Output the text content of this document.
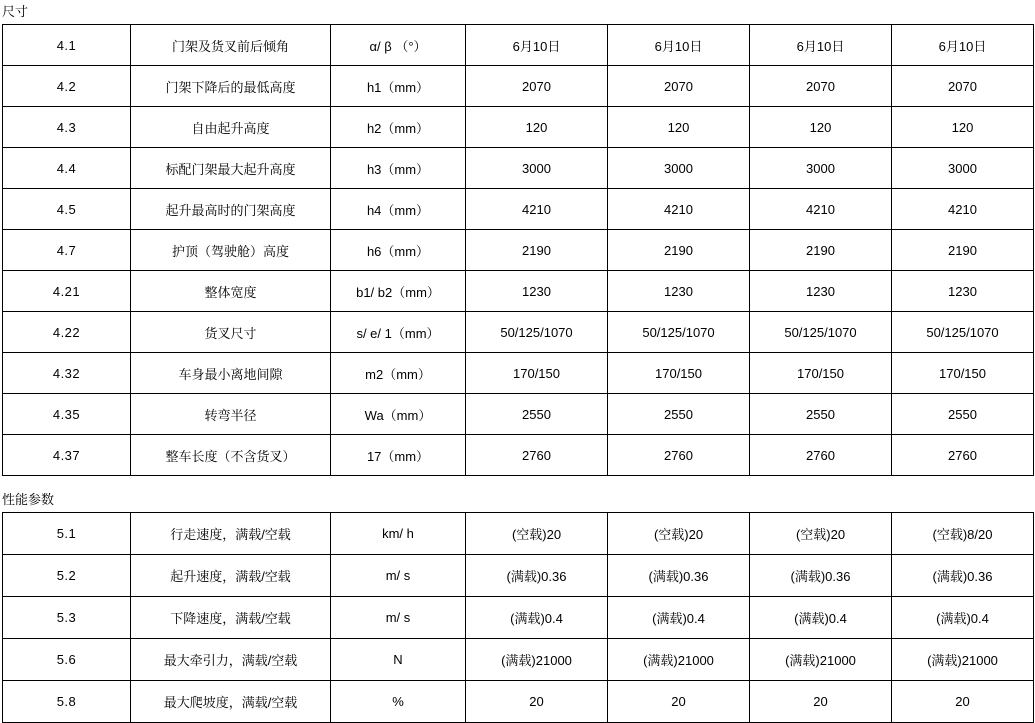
尺寸
4.1	门架及货叉前后倾角	α/ β （°）	6月10日	6月10日	6月10日	6月10日
4.2	门架下降后的最低高度	h1（mm）	2070	2070	2070	2070
4.3	自由起升高度	h2（mm）	120	120	120	120
4.4	标配门架最大起升高度	h3（mm）	3000	3000	3000	3000
4.5	起升最高时的门架高度	h4（mm）	4210	4210	4210	4210
4.7	护顶（驾驶舱）高度	h6（mm）	2190	2190	2190	2190
4.21	整体宽度	b1/ b2（mm）	1230	1230	1230	1230
4.22	货叉尺寸	s/ e/ 1（mm）	50/125/1070	50/125/1070	50/125/1070	50/125/1070
4.32	车身最小离地间隙	m2（mm）	170/150	170/150	170/150	170/150
4.35	转弯半径	Wa（mm）	2550	2550	2550	2550
4.37	整车长度（不含货叉）	17（mm）	2760	2760	2760	2760
性能参数
5.1	行走速度，满载/空载	km/ h	(空载)20	(空载)20	(空载)20	(空载)8/20
5.2	起升速度，满载/空载	m/ s	(满载)0.36	(满载)0.36	(满载)0.36	(满载)0.36
5.3	下降速度，满载/空载	m/ s	(满载)0.4	(满载)0.4	(满载)0.4	(满载)0.4
5.6	最大牵引力，满载/空载	N	(满载)21000	(满载)21000	(满载)21000	(满载)21000
5.8	最大爬坡度，满载/空载	%	20	20	20	20
